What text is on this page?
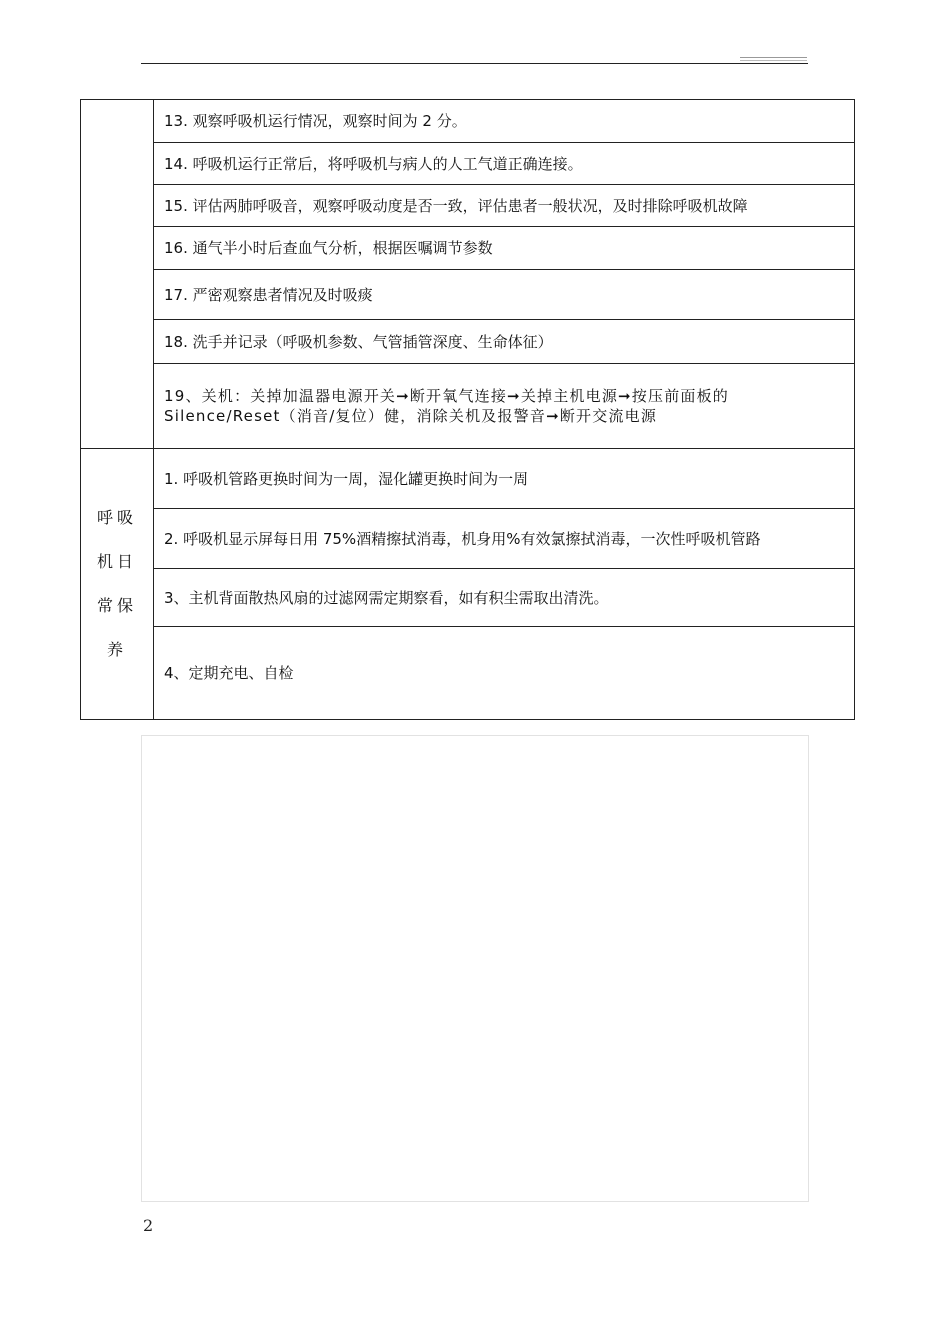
	13. 观察呼吸机运行情况，观察时间为 2 分。
	14. 呼吸机运行正常后，将呼吸机与病人的人工气道正确连接。
	15. 评估两肺呼吸音，观察呼吸动度是否一致，评估患者一般状况，及时排除呼吸机故障
	16. 通气半小时后查血气分析，根据医嘱调节参数
	17. 严密观察患者情况及时吸痰
	18. 洗手并记录（呼吸机参数、气管插管深度、生命体征）
	19、关机：关掉加温器电源开关➞断开氧气连接➞关掉主机电源➞按压前面板的 Silence/Reset（消音/复位）健，消除关机及报警音➞断开交流电源

呼吸机日常保养	1. 呼吸机管路更换时间为一周，湿化罐更换时间为一周
	2. 呼吸机显示屏每日用 75%酒精擦拭消毒，机身用%有效氯擦拭消毒，一次性呼吸机管路
	3、主机背面散热风扇的过滤网需定期察看，如有积尘需取出清洗。
	4、定期充电、自检
2
